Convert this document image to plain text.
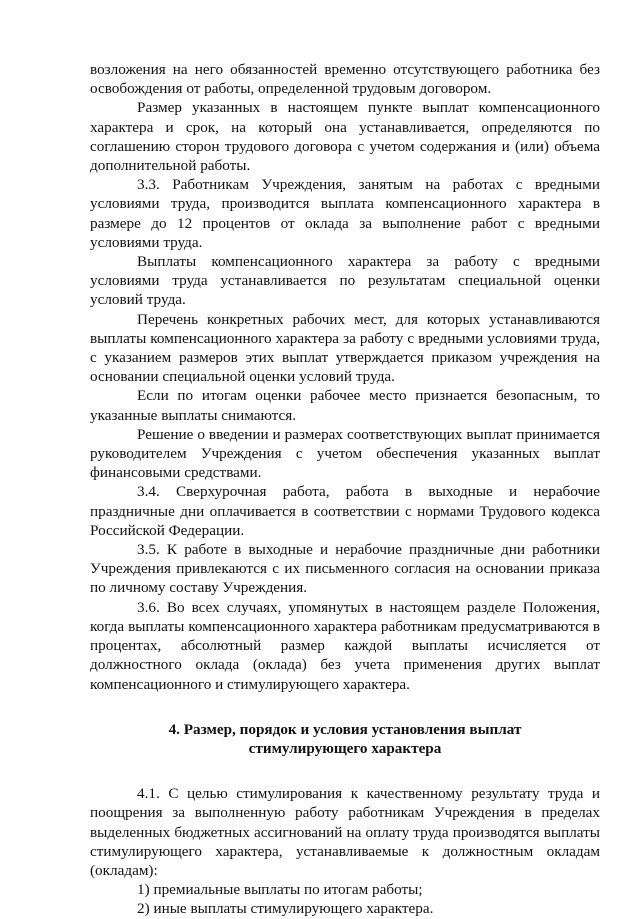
возложения на него обязанностей временно отсутствующего работника без освобождения от работы, определенной трудовым договором.

Размер указанных в настоящем пункте выплат компенсационного характера и срок, на который она устанавливается, определяются по соглашению сторон трудового договора с учетом содержания и (или) объема дополнительной работы.

3.3. Работникам Учреждения, занятым на работах с вредными условиями труда, производится выплата компенсационного характера в размере до 12 процентов от оклада за выполнение работ с вредными условиями труда.

Выплаты компенсационного характера за работу с вредными условиями труда устанавливается по результатам специальной оценки условий труда.

Перечень конкретных рабочих мест, для которых устанавливаются выплаты компенсационного характера за работу с вредными условиями труда, с указанием размеров этих выплат утверждается приказом учреждения на основании специальной оценки условий труда.

Если по итогам оценки рабочее место признается безопасным, то указанные выплаты снимаются.

Решение о введении и размерах соответствующих выплат принимается руководителем Учреждения с учетом обеспечения указанных выплат финансовыми средствами.

3.4. Сверхурочная работа, работа в выходные и нерабочие праздничные дни оплачивается в соответствии с нормами Трудового кодекса Российской Федерации.

3.5. К работе в выходные и нерабочие праздничные дни работники Учреждения привлекаются с их письменного согласия на основании приказа по личному составу Учреждения.

3.6. Во всех случаях, упомянутых в настоящем разделе Положения, когда выплаты компенсационного характера работникам предусматриваются в процентах, абсолютный размер каждой выплаты исчисляется от должностного оклада (оклада) без учета применения других выплат компенсационного и стимулирующего характера.

4. Размер, порядок и условия установления выплат
стимулирующего характера

4.1. С целью стимулирования к качественному результату труда и поощрения за выполненную работу работникам Учреждения в пределах выделенных бюджетных ассигнований на оплату труда производятся выплаты стимулирующего характера, устанавливаемые к должностным окладам (окладам):

1) премиальные выплаты по итогам работы;

2) иные выплаты стимулирующего характера.
